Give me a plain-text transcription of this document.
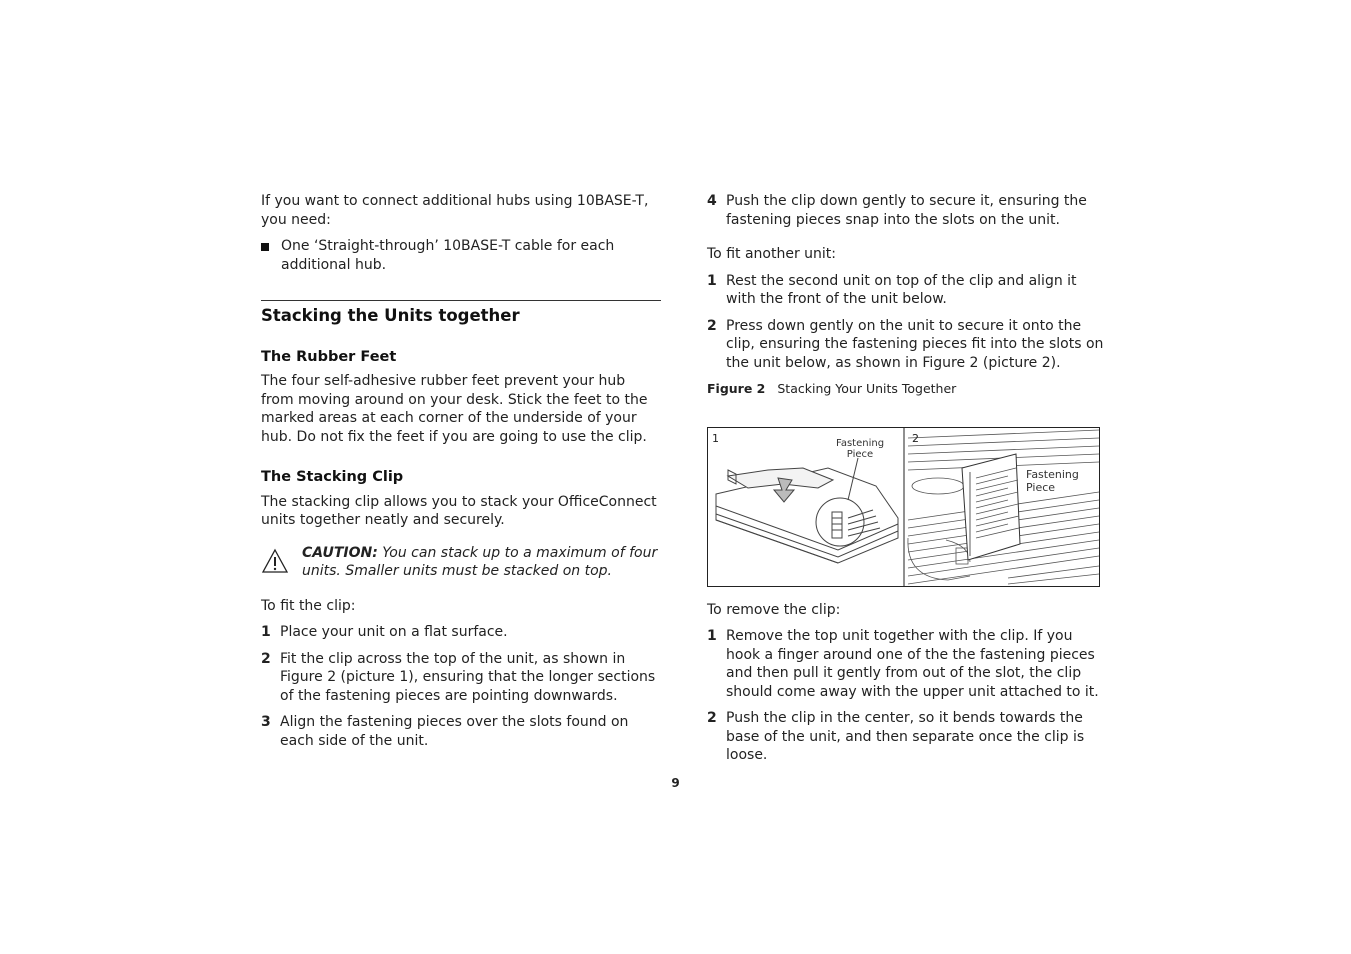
If you want to connect additional hubs using 10BASE-T, you need:

One ‘Straight-through’ 10BASE-T cable for each additional hub.
Stacking the Units together
The Rubber Feet

The four self-adhesive rubber feet prevent your hub from moving around on your desk. Stick the feet to the marked areas at each corner of the underside of your hub. Do not fix the feet if you are going to use the clip.

The Stacking Clip

The stacking clip allows you to stack your OfficeConnect units together neatly and securely.

CAUTION: You can stack up to a maximum of four units. Smaller units must be stacked on top.

To fit the clip:

1 Place your unit on a flat surface.
2 Fit the clip across the top of the unit, as shown in Figure 2 (picture 1), ensuring that the longer sections of the fastening pieces are pointing downwards.
3 Align the fastening pieces over the slots found on each side of the unit.
4 Push the clip down gently to secure it, ensuring the fastening pieces snap into the slots on the unit.

To fit another unit:

1 Rest the second unit on top of the clip and align it with the front of the unit below.
2 Press down gently on the unit to secure it onto the clip, ensuring the fastening pieces fit into the slots on the unit below, as shown in Figure 2 (picture 2).
Figure 2 Stacking Your Units Together
1	2
Fastening
Piece
Fastening
Piece

To remove the clip:

1 Remove the top unit together with the clip. If you hook a finger around one of the the fastening pieces and then pull it gently from out of the slot, the clip should come away with the upper unit attached to it.
2 Push the clip in the center, so it bends towards the base of the unit, and then separate once the clip is loose.
9
